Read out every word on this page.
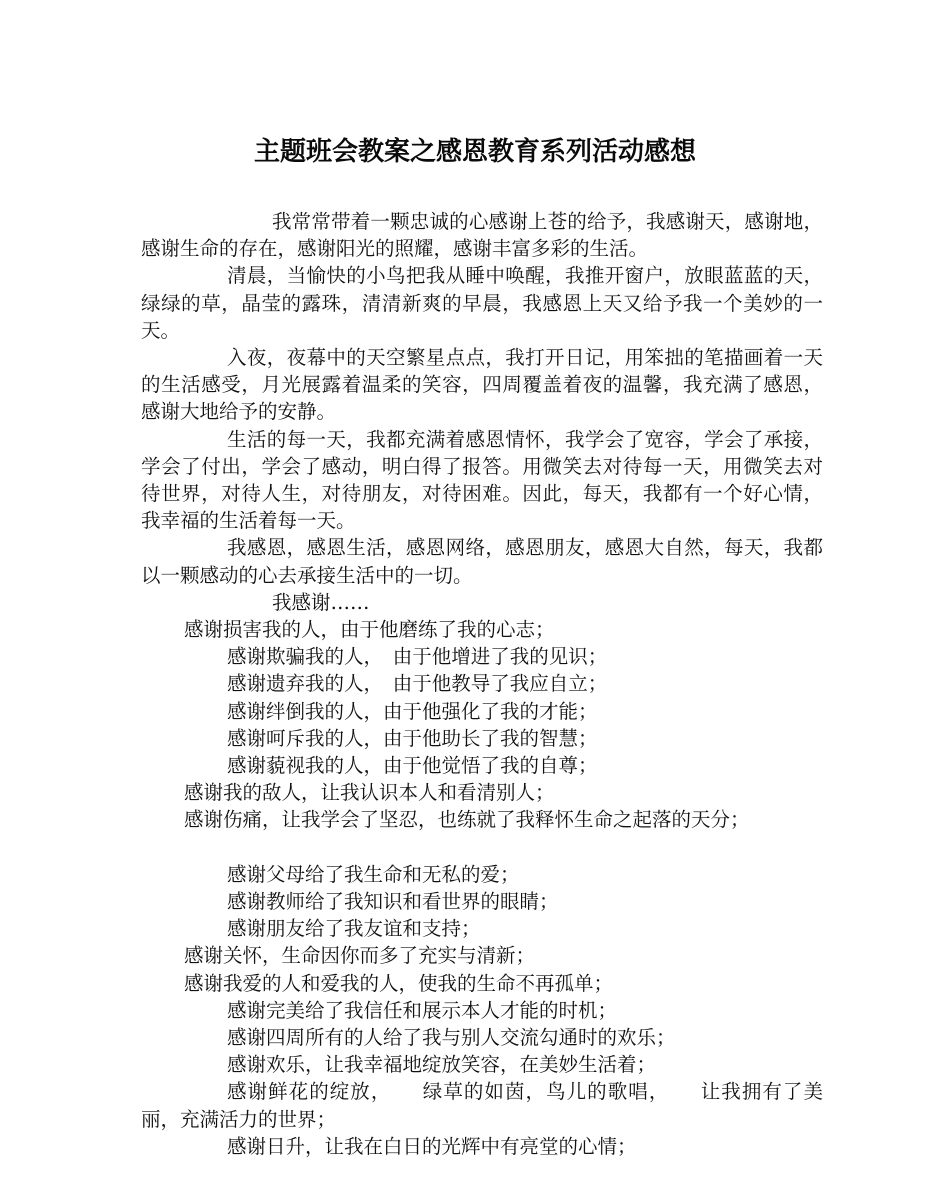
主题班会教案之感恩教育系列活动感想

我常常带着一颗忠诚的心感谢上苍的给予，我感谢天，感谢地，感谢生命的存在，感谢阳光的照耀，感谢丰富多彩的生活。

清晨，当愉快的小鸟把我从睡中唤醒，我推开窗户，放眼蓝蓝的天，绿绿的草，晶莹的露珠，清清新爽的早晨，我感恩上天又给予我一个美妙的一天。

入夜，夜幕中的天空繁星点点，我打开日记，用笨拙的笔描画着一天的生活感受，月光展露着温柔的笑容，四周覆盖着夜的温馨，我充满了感恩，感谢大地给予的安静。

生活的每一天，我都充满着感恩情怀，我学会了宽容，学会了承接，学会了付出，学会了感动，明白得了报答。用微笑去对待每一天，用微笑去对待世界，对待人生，对待朋友，对待困难。因此，每天，我都有一个好心情，我幸福的生活着每一天。

我感恩，感恩生活，感恩网络，感恩朋友，感恩大自然，每天，我都以一颗感动的心去承接生活中的一切。

我感谢……

感谢损害我的人，由于他磨练了我的心志；

感谢欺骗我的人，　由于他增进了我的见识；

感谢遗弃我的人，　由于他教导了我应自立；

感谢绊倒我的人，由于他强化了我的才能；

感谢呵斥我的人，由于他助长了我的智慧；

感谢藐视我的人，由于他觉悟了我的自尊；

感谢我的敌人，让我认识本人和看清别人；

感谢伤痛，让我学会了坚忍，也练就了我释怀生命之起落的天分；

感谢父母给了我生命和无私的爱；

感谢教师给了我知识和看世界的眼睛；

感谢朋友给了我友谊和支持；

感谢关怀，生命因你而多了充实与清新；

感谢我爱的人和爱我的人，使我的生命不再孤单；

感谢完美给了我信任和展示本人才能的时机；

感谢四周所有的人给了我与别人交流勾通时的欢乐；

感谢欢乐，让我幸福地绽放笑容，在美妙生活着；

感谢鲜花的绽放，　　绿草的如茵，鸟儿的歌唱，　　让我拥有了美丽，充满活力的世界；

感谢日升，让我在白日的光辉中有亮堂的心情；
